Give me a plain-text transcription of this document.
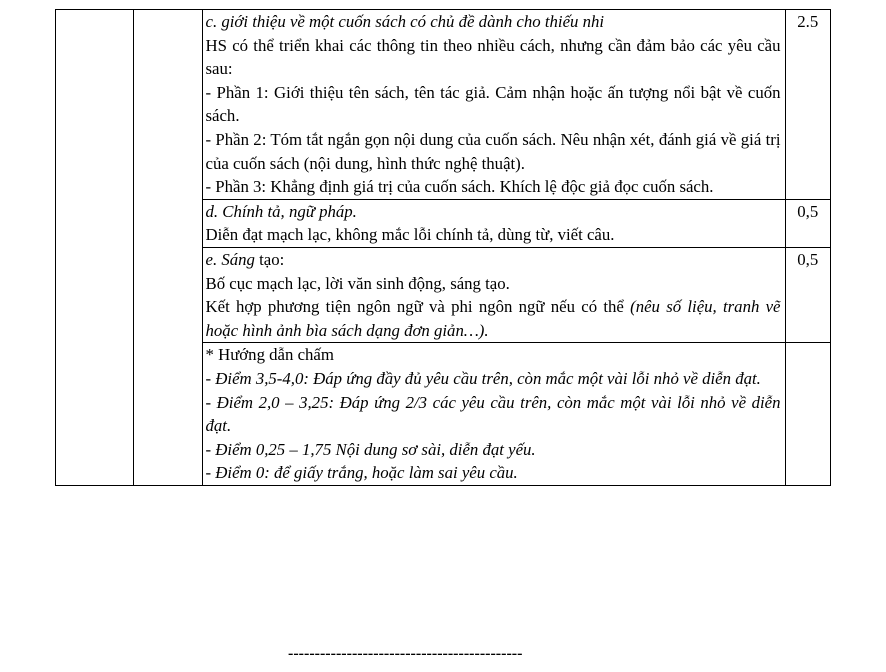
		c. giới thiệu về một cuốn sách có chủ đề dành cho thiếu nhi
HS có thể triển khai các thông tin theo nhiều cách, nhưng cần đảm bảo các yêu cầu sau:
- Phần 1: Giới thiệu tên sách, tên tác giả. Cảm nhận hoặc ấn tượng nổi bật về cuốn sách.
- Phần 2: Tóm tắt ngắn gọn nội dung của cuốn sách. Nêu nhận xét, đánh giá về giá trị của cuốn sách (nội dung, hình thức nghệ thuật).
- Phần 3: Khẳng định giá trị của cuốn sách. Khích lệ độc giả đọc cuốn sách.	2.5

		d. Chính tả, ngữ pháp.
Diễn đạt mạch lạc, không mắc lỗi chính tả, dùng từ, viết câu.	0,5

		e. Sáng tạo:
Bố cục mạch lạc, lời văn sinh động, sáng tạo.
Kết hợp phương tiện ngôn ngữ và phi ngôn ngữ nếu có thể (nêu số liệu, tranh vẽ hoặc hình ảnh bìa sách dạng đơn giản…).	0,5

		* Hướng dẫn chấm
- Điểm 3,5-4,0: Đáp ứng đầy đủ yêu cầu trên, còn mắc một vài lỗi nhỏ về diễn đạt.
- Điểm 2,0 – 3,25: Đáp ứng 2/3 các yêu cầu trên, còn mắc một vài lỗi nhỏ về diễn đạt.
- Điểm 0,25 – 1,75 Nội dung sơ sài, diễn đạt yếu.
- Điểm 0: để giấy trắng, hoặc làm sai yêu cầu.	

--------------------------------------------
